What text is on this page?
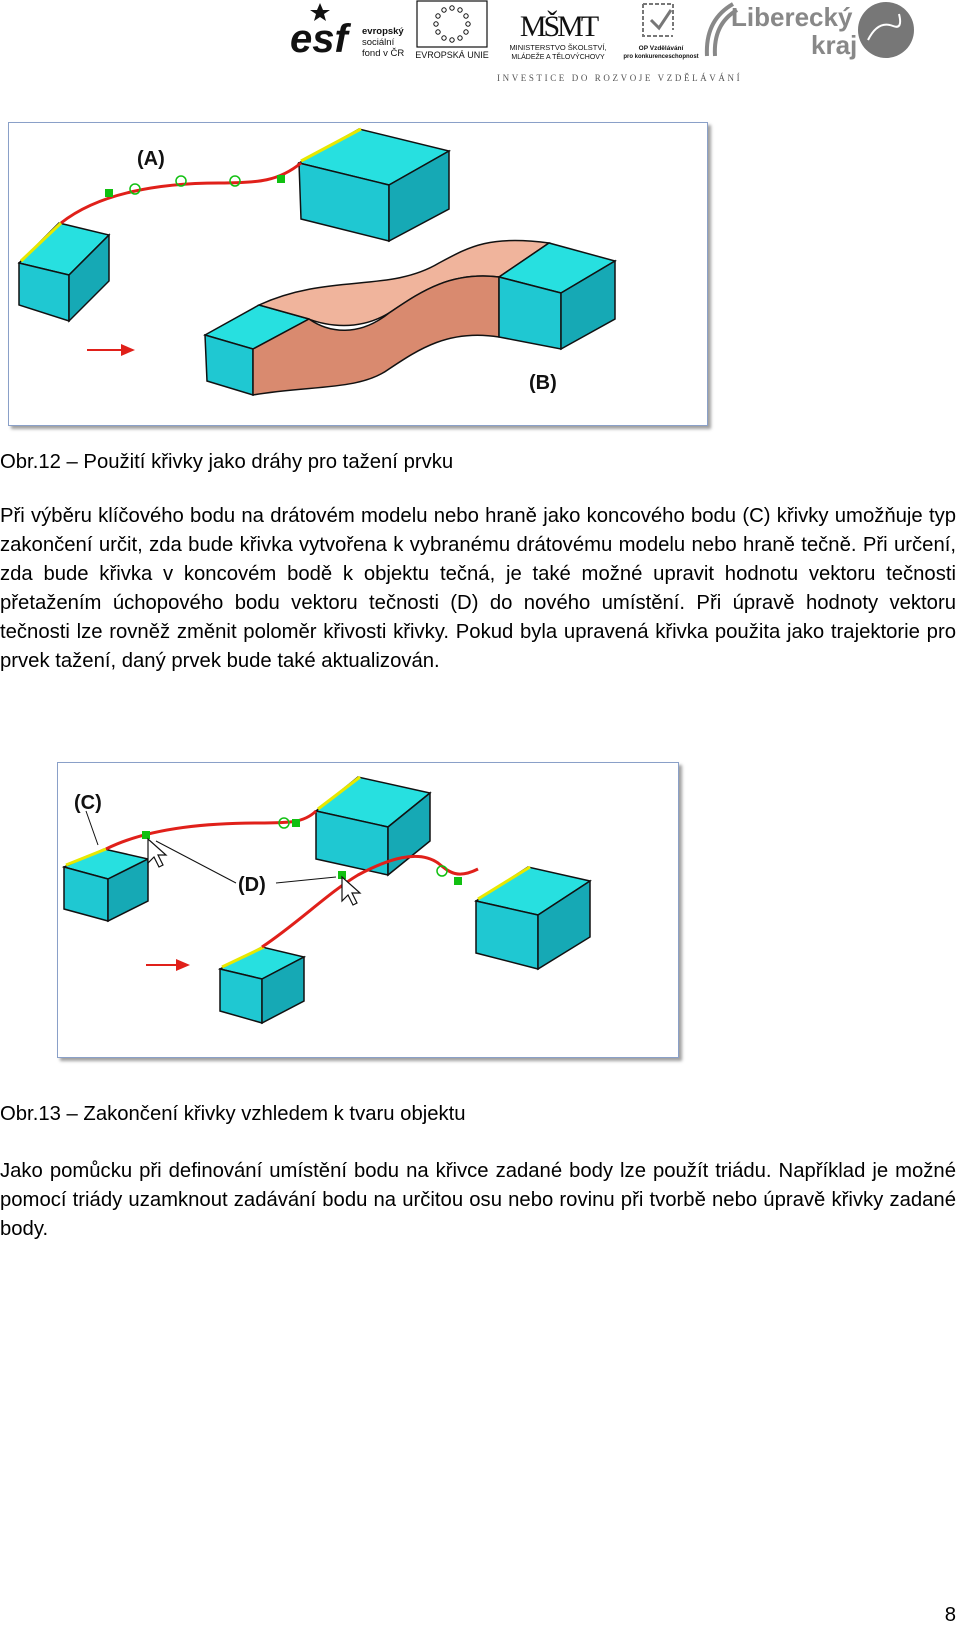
esf	evropský
sociální
fond v ČR EVROPSKÁ UNIE
MŠMT
MINISTERSTVO ŠKOLSTVÍ,
MLÁDEŽE A TĚLOVÝCHOVY
OP Vzdělávání
pro konkurenceschopnost
Liberecký
kraj
INVESTICE DO ROZVOJE VZDĚLÁVÁNÍ
(A)
(B)
Obr.12 – Použití křivky jako dráhy pro tažení prvku

Při výběru klíčového bodu na drátovém modelu nebo hraně jako koncového bodu (C) křivky umožňuje typ zakončení určit, zda bude křivka vytvořena k vybranému drátovému modelu nebo hraně tečně. Při určení, zda bude křivka v koncovém bodě k objektu tečná, je také možné upravit hodnotu vektoru tečnosti přetažením úchopového bodu vektoru tečnosti (D) do nového umístění. Při úpravě hodnoty vektoru tečnosti lze rovněž změnit poloměr křivosti křivky. Pokud byla upravená křivka použita jako trajektorie pro prvek tažení, daný prvek bude také aktualizován.

(C)
(D)
Obr.13 – Zakončení křivky vzhledem k tvaru objektu

Jako pomůcku při definování umístění bodu na křivce zadané body lze použít triádu. Například je možné pomocí triády uzamknout zadávání bodu na určitou osu nebo rovinu při tvorbě nebo úpravě křivky zadané body.

8
